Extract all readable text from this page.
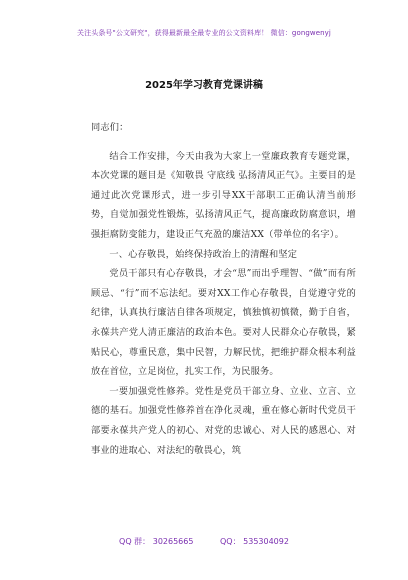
关注头条号"公文研究"，获得最新最全最专业的公文资料库！ 微信：gongwenyj
2025年学习教育党课讲稿

同志们：

结合工作安排，今天由我为大家上一堂廉政教育专题党课，本次党课的题目是《知敬畏 守底线 弘扬清风正气》。主要目的是通过此次党课形式，进一步引导XX干部职工正确认清当前形势，自觉加强党性锻炼，弘扬清风正气，提高廉政防腐意识，增强拒腐防变能力，建设正气充盈的廉洁XX（带单位的名字）。

一、心存敬畏，始终保持政治上的清醒和坚定

党员干部只有心存敬畏，才会“思”而出乎理智、“做”而有所顾忌、“行”而不忘法纪。要对XX工作心存敬畏，自觉遵守党的纪律，认真执行廉洁自律各项规定，慎独慎初慎微，勤于自省，永葆共产党人清正廉洁的政治本色。要对人民群众心存敬畏，紧贴民心，尊重民意，集中民智，力解民忧，把维护群众根本利益放在首位，立足岗位，扎实工作，为民服务。

一要加强党性修养。党性是党员干部立身、立业、立言、立德的基石。加强党性修养首在净化灵魂，重在修心新时代党员干部要永葆共产党人的初心、对党的忠诚心、对人民的感恩心、对事业的进取心、对法纪的敬畏心，筑

QQ 群： 30265665	QQ： 535304092
